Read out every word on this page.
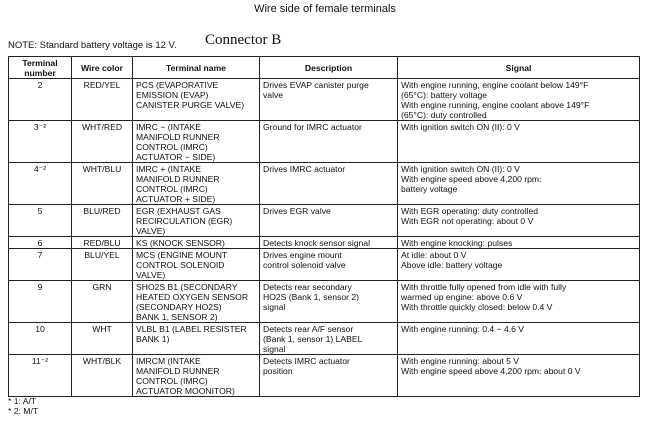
Wire side of female terminals
Connector B
NOTE: Standard battery voltage is 12 V.
Terminal
number	Wire color	Terminal name	Description	Signal
2	RED/YEL	PCS (EVAPORATIVE
EMISSION (EVAP)
CANISTER PURGE VALVE)	Drives EVAP canister purge
valve	With engine running, engine coolant below 149°F
(65°C): battery voltage
With engine running, engine coolant above 149°F
(65°C): duty controlled
3⁻²	WHT/RED	IMRC − (INTAKE
MANIFOLD RUNNER
CONTROL (IMRC)
ACTUATOR − SIDE)	Ground for IMRC actuator	With ignition switch ON (II): 0 V
4⁻²	WHT/BLU	IMRC + (INTAKE
MANIFOLD RUNNER
CONTROL (IMRC)
ACTUATOR + SIDE)	Drives IMRC actuator	With ignition switch ON (II): 0 V
With engine speed above 4,200 rpm:
battery voltage
5	BLU/RED	EGR (EXHAUST GAS
RECIRCULATION (EGR)
VALVE)	Drives EGR valve	With EGR operating: duty controlled
With EGR not operating: about 0 V
6	RED/BLU	KS (KNOCK SENSOR)	Detects knock sensor signal	With engine knocking: pulses
7	BLU/YEL	MCS (ENGINE MOUNT
CONTROL SOLENOID
VALVE)	Drives engine mount
control solenoid valve	At idle: about 0 V
Above idle: battery voltage
9	GRN	SHO2S B1 (SECONDARY
HEATED OXYGEN SENSOR
(SECONDARY HO2S)
BANK 1, SENSOR 2)	Detects rear secondary
HO2S (Bank 1, sensor 2)
signal	With throttle fully opened from idle with fully
warmed up engine: above 0.6 V
With throttle quickly closed: below 0.4 V
10	WHT	VLBL B1 (LABEL RESISTER
BANK 1)	Detects rear A/F sensor
(Bank 1, sensor 1) LABEL
signal	With engine running: 0.4 − 4.6 V
11⁻²	WHT/BLK	IMRCM (INTAKE
MANIFOLD RUNNER
CONTROL (IMRC)
ACTUATOR MOONITOR)	Detects IMRC actuator
position	With engine running: about 5 V
With engine speed above 4,200 rpm: about 0 V
* 1: A/T
* 2: M/T
